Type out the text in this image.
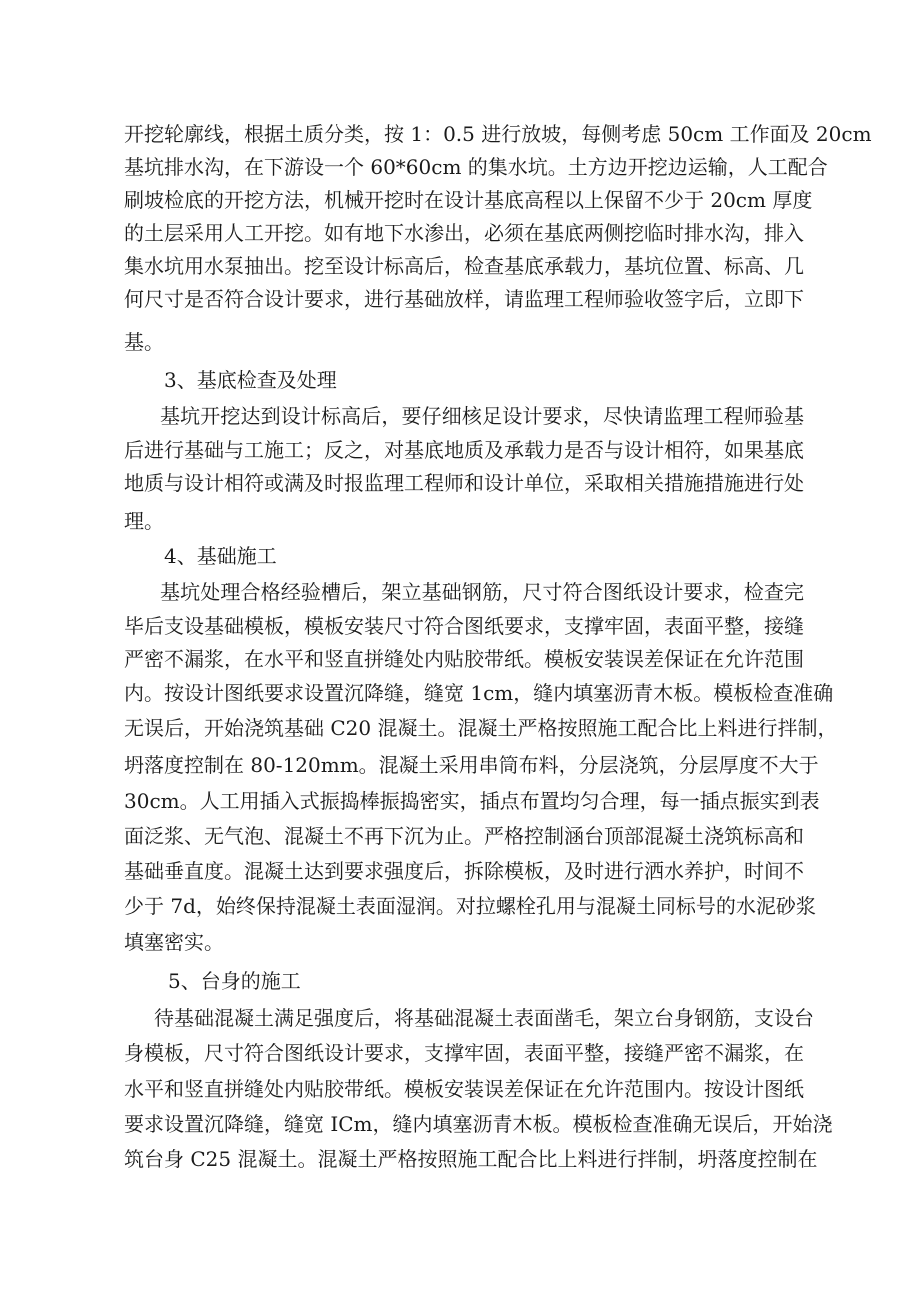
开挖轮廓线，根据土质分类，按 1：0.5 进行放坡，每侧考虑 50cm 工作面及 20cm
基坑排水沟，在下游设一个 60*60cm 的集水坑。土方边开挖边运输，人工配合
刷坡检底的开挖方法，机械开挖时在设计基底高程以上保留不少于 20cm 厚度
的土层采用人工开挖。如有地下水渗出，必须在基底两侧挖临时排水沟，排入
集水坑用水泵抽出。挖至设计标高后，检查基底承载力，基坑位置、标高、几
何尺寸是否符合设计要求，进行基础放样，请监理工程师验收签字后，立即下
基。
3、基底检查及处理
基坑开挖达到设计标高后，要仔细核足设计要求，尽快请监理工程师验基
后进行基础与工施工；反之，对基底地质及承载力是否与设计相符，如果基底
地质与设计相符或满及时报监理工程师和设计单位，采取相关措施措施进行处
理。
4、基础施工
基坑处理合格经验槽后，架立基础钢筋，尺寸符合图纸设计要求，检查完
毕后支设基础模板，模板安装尺寸符合图纸要求，支撑牢固，表面平整，接缝
严密不漏浆，在水平和竖直拼缝处内贴胶带纸。模板安装误差保证在允许范围
内。按设计图纸要求设置沉降缝，缝宽 1cm，缝内填塞沥青木板。模板检查准确
无误后，开始浇筑基础 C20 混凝土。混凝土严格按照施工配合比上料进行拌制，
坍落度控制在 80-120mm。混凝土采用串筒布料，分层浇筑，分层厚度不大于
30cm。人工用插入式振捣棒振捣密实，插点布置均匀合理，每一插点振实到表
面泛浆、无气泡、混凝土不再下沉为止。严格控制涵台顶部混凝土浇筑标高和
基础垂直度。混凝土达到要求强度后，拆除模板，及时进行洒水养护，时间不
少于 7d，始终保持混凝土表面湿润。对拉螺栓孔用与混凝土同标号的水泥砂浆
填塞密实。
5、台身的施工
待基础混凝土满足强度后，将基础混凝土表面凿毛，架立台身钢筋，支设台
身模板，尺寸符合图纸设计要求，支撑牢固，表面平整，接缝严密不漏浆，在
水平和竖直拼缝处内贴胶带纸。模板安装误差保证在允许范围内。按设计图纸
要求设置沉降缝，缝宽 ICm，缝内填塞沥青木板。模板检查准确无误后，开始浇
筑台身 C25 混凝土。混凝土严格按照施工配合比上料进行拌制，坍落度控制在
